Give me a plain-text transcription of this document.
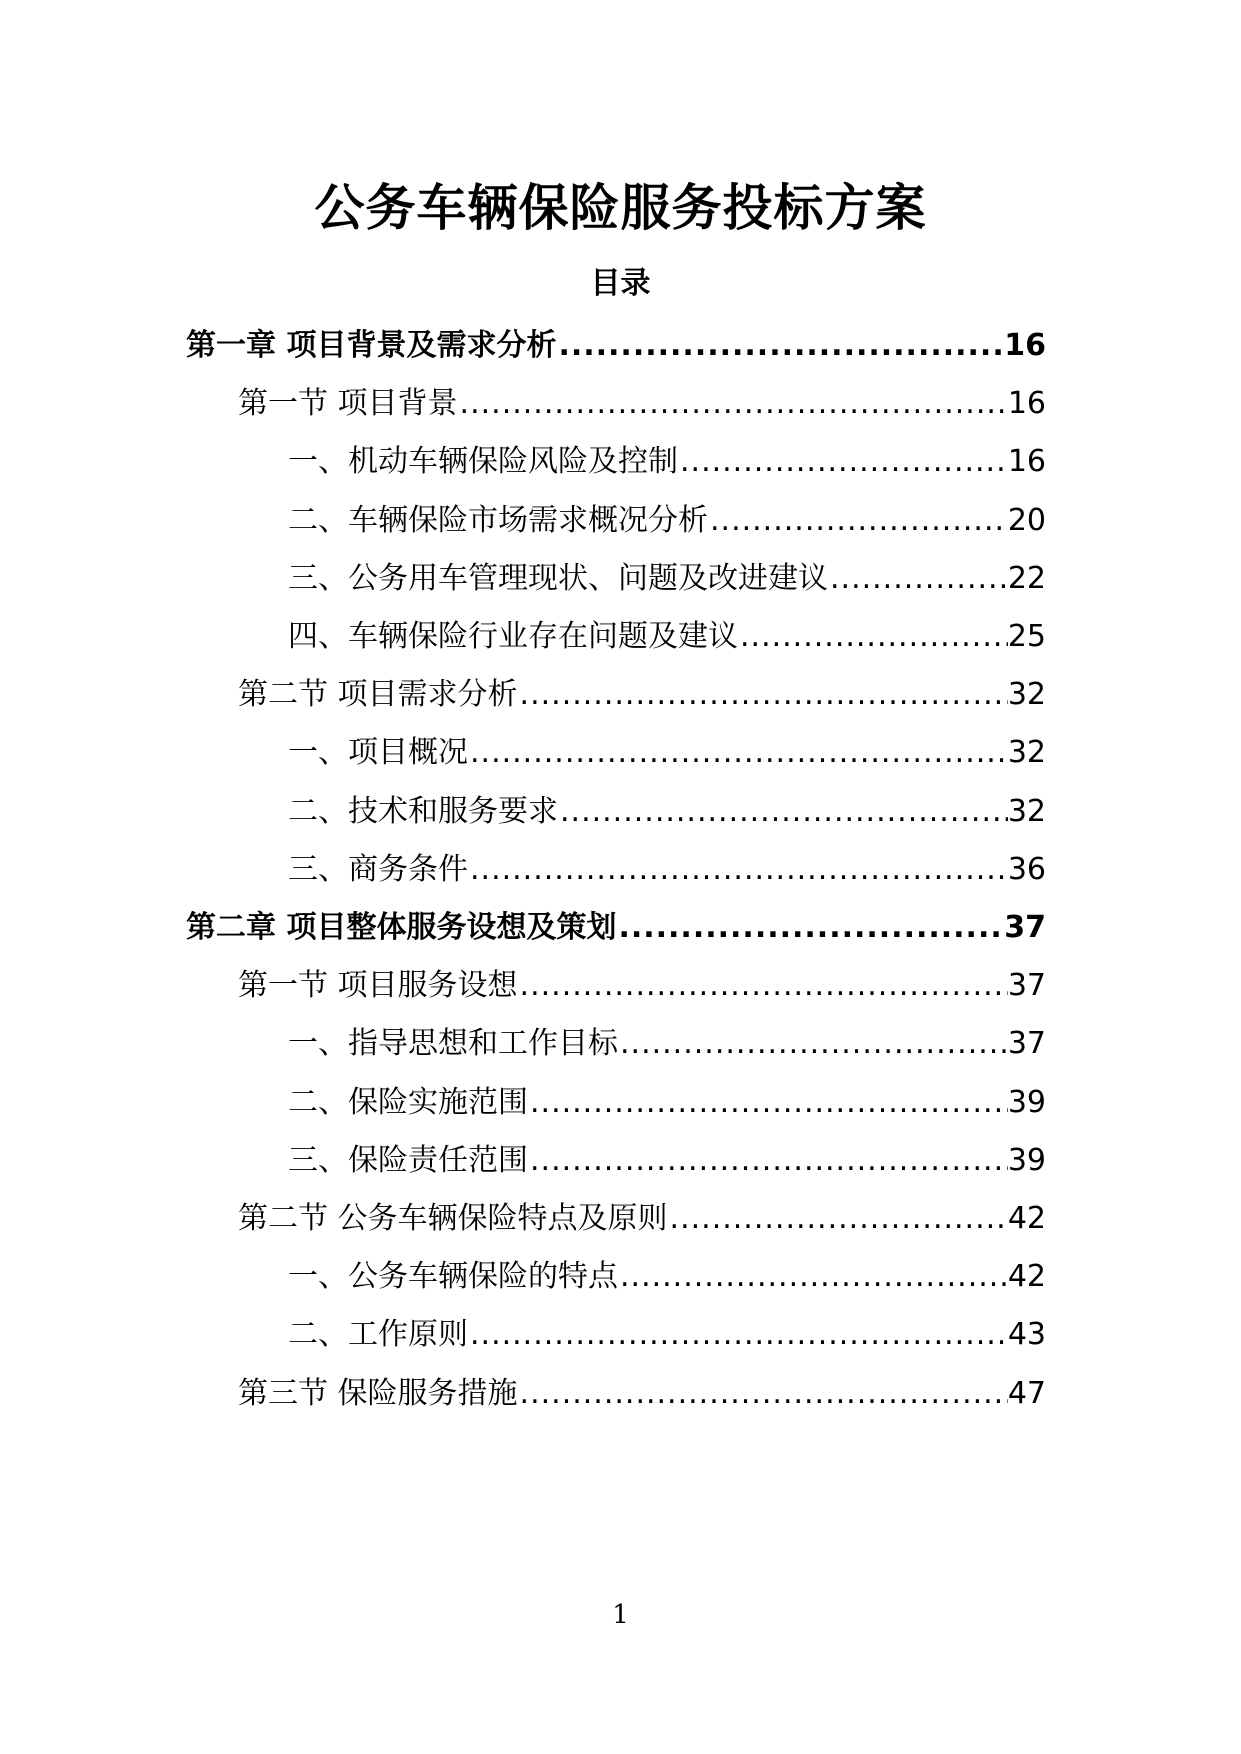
公务车辆保险服务投标方案
目录
第一章 项目背景及需求分析 .....	16
第一节 项目背景 .....	16
一、机动车辆保险风险及控制 .....	16
二、车辆保险市场需求概况分析 .....	20
三、公务用车管理现状、问题及改进建议 .....	22
四、车辆保险行业存在问题及建议 .....	25
第二节 项目需求分析 .....	32
一、项目概况 .....	32
二、技术和服务要求 .....	32
三、商务条件 .....	36
第二章 项目整体服务设想及策划 .....	37
第一节 项目服务设想 .....	37
一、指导思想和工作目标 .....	37
二、保险实施范围 .....	39
三、保险责任范围 .....	39
第二节 公务车辆保险特点及原则 .....	42
一、公务车辆保险的特点 .....	42
二、工作原则 .....	43
第三节 保险服务措施 .....	47
1
